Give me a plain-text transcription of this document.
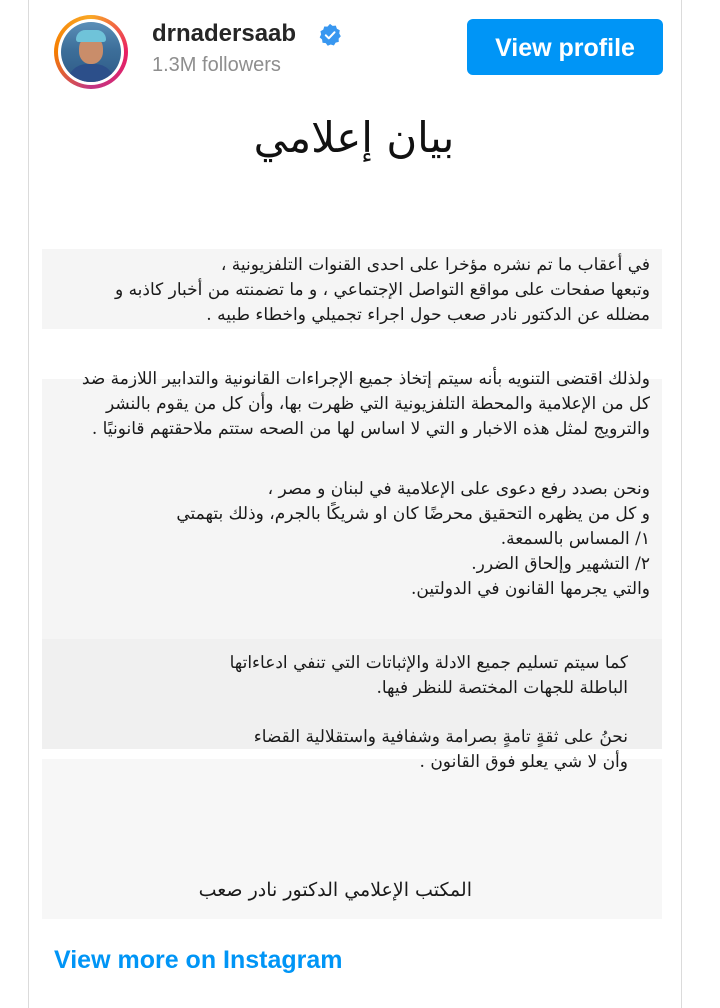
drnadersaab
1.3M followers
View profile
بيان إعلامي
في أعقاب ما تم نشره مؤخرا على احدى القنوات التلفزيونية ،
وتبعها صفحات على مواقع التواصل الإجتماعي ، و ما تضمنته من أخبار كاذبه و
مضلله عن الدكتور نادر صعب حول اجراء تجميلي واخطاء طبيه .
ولذلك اقتضى التنويه بأنه سيتم إتخاذ جميع الإجراءات القانونية والتدابير اللازمة ضد
كل من الإعلامية والمحطة التلفزيونية التي ظهرت بها، وأن كل من يقوم بالنشر
والترويج لمثل هذه الاخبار و التي لا اساس لها من الصحه ستتم ملاحقتهم قانونيًا .
ونحن بصدد رفع دعوى على الإعلامية في لبنان و مصر ،
و كل من يظهره التحقيق محرضًا كان او شريكًا بالجرم، وذلك بتهمتي
١/ المساس بالسمعة.
٢/ التشهير وإلحاق الضرر.
والتي يجرمها القانون في الدولتين.
كما سيتم تسليم جميع الادلة والإثباتات التي تنفي ادعاءاتها
الباطلة للجهات المختصة للنظر فيها.
نحنُ على ثقةٍ تامةٍ بصرامة وشفافية واستقلالية القضاء
وأن لا شي يعلو فوق القانون .
المكتب الإعلامي الدكتور نادر صعب
View more on Instagram
